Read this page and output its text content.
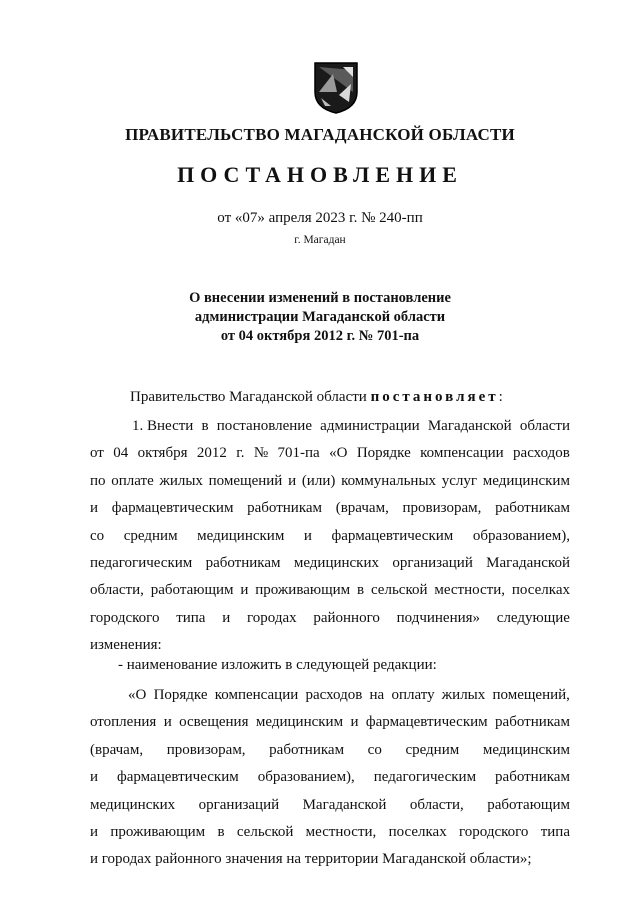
ПРАВИТЕЛЬСТВО МАГАДАНСКОЙ ОБЛАСТИ
ПОСТАНОВЛЕНИЕ
от «07» апреля 2023 г. № 240-пп
г. Магадан
О внесении изменений в постановление
администрации Магаданской области
от 04 октября 2012 г. № 701-па
Правительство Магаданской области постановляет:
1. Внести в постановление администрации Магаданской области
от 04 октября 2012 г. № 701-па «О Порядке компенсации расходов
по оплате жилых помещений и (или) коммунальных услуг медицинским
и фармацевтическим работникам (врачам, провизорам, работникам
со средним медицинским и фармацевтическим образованием),
педагогическим работникам медицинских организаций Магаданской
области, работающим и проживающим в сельской местности, поселках
городского типа и городах районного подчинения» следующие
изменения:
- наименование изложить в следующей редакции:
«О Порядке компенсации расходов на оплату жилых помещений,
отопления и освещения медицинским и фармацевтическим работникам
(врачам, провизорам, работникам со средним медицинским
и фармацевтическим образованием), педагогическим работникам
медицинских организаций Магаданской области, работающим
и проживающим в сельской местности, поселках городского типа
и городах районного значения на территории Магаданской области»;
